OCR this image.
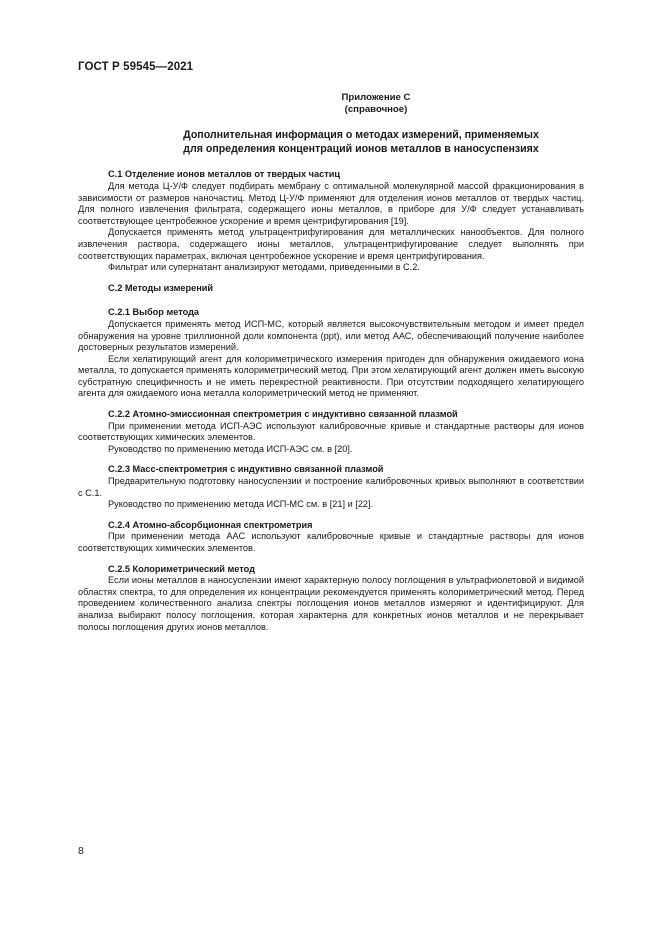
ГОСТ Р 59545—2021
Приложение С
(справочное)
Дополнительная информация о методах измерений, применяемых
для определения концентраций ионов металлов в наносуспензиях
С.1 Отделение ионов металлов от твердых частиц

Для метода Ц-У/Ф следует подбирать мембрану с оптимальной молекулярной массой фракционирования в зависимости от размеров наночастиц. Метод Ц-У/Ф применяют для отделения ионов металлов от твердых частиц. Для полного извлечения фильтрата, содержащего ионы металлов, в приборе для У/Ф следует устанавливать соответствующее центробежное ускорение и время центрифугирования [19].

Допускается применять метод ультрацентрифугирования для металлических нанообъектов. Для полного извлечения раствора, содержащего ионы металлов, ультрацентрифугирование следует выполнять при соответствующих параметрах, включая центробежное ускорение и время центрифугирования.

Фильтрат или супернатант анализируют методами, приведенными в С.2.

С.2 Методы измерений
С.2.1 Выбор метода

Допускается применять метод ИСП-МС, который является высокочувствительным методом и имеет предел обнаружения на уровне триллионной доли компонента (ppt), или метод ААС, обеспечивающий получение наиболее достоверных результатов измерений.

Если хелатирующий агент для колориметрического измерения пригоден для обнаружения ожидаемого иона металла, то допускается применять колориметрический метод. При этом хелатирующий агент должен иметь высокую субстратную специфичность и не иметь перекрестной реактивности. При отсутствии подходящего хелатирующего агента для ожидаемого иона металла колориметрический метод не применяют.

С.2.2 Атомно-эмиссионная спектрометрия с индуктивно связанной плазмой

При применении метода ИСП-АЭС используют калибровочные кривые и стандартные растворы для ионов соответствующих химических элементов.

Руководство по применению метода ИСП-АЭС см. в [20].

С.2.3 Масс-спектрометрия с индуктивно связанной плазмой

Предварительную подготовку наносуспензии и построение калибровочных кривых выполняют в соответствии с С.1.

Руководство по применению метода ИСП-МС см. в [21] и [22].

С.2.4 Атомно-абсорбционная спектрометрия

При применении метода ААС используют калибровочные кривые и стандартные растворы для ионов соответствующих химических элементов.

С.2.5 Колориметрический метод

Если ионы металлов в наносуспензии имеют характерную полосу поглощения в ультрафиолетовой и видимой областях спектра, то для определения их концентрации рекомендуется применять колориметрический метод. Перед проведением количественного анализа спектры поглощения ионов металлов измеряют и идентифицируют. Для анализа выбирают полосу поглощения, которая характерна для конкретных ионов металлов и не перекрывает полосы поглощения других ионов металлов.

8
